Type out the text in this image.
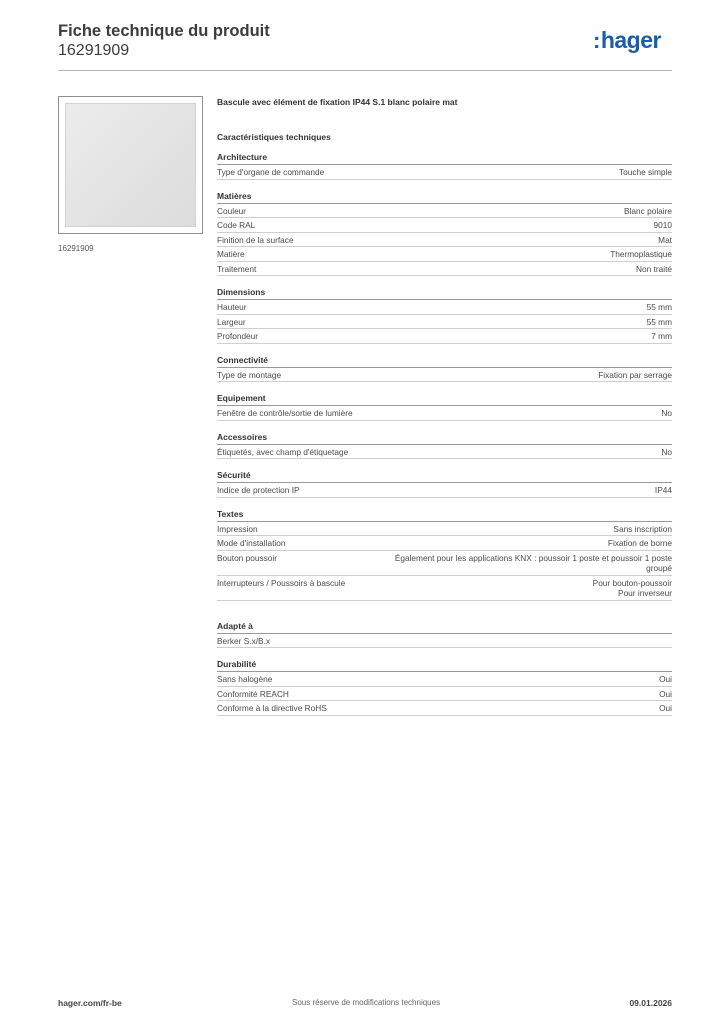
Fiche technique du produit
16291909	:hager
16291909
Bascule avec élément de fixation IP44 S.1 blanc polaire mat
Caractéristiques techniques
Architecture
Type d'organe de commande	Touche simple
Matières
Couleur	Blanc polaire
Code RAL	9010
Finition de la surface	Mat
Matière	Thermoplastique
Traitement	Non traité
Dimensions
Hauteur	55 mm
Largeur	55 mm
Profondeur	7 mm
Connectivité
Type de montage	Fixation par serrage
Equipement
Fenêtre de contrôle/sortie de lumière	No
Accessoires
Étiquetés, avec champ d'étiquetage	No
Sécurité
Indice de protection IP	IP44
Textes
Impression	Sans inscription
Mode d'installation	Fixation de borne
Bouton poussoir	Également pour les applications KNX : poussoir 1 poste et poussoir 1 poste groupé
Interrupteurs / Poussoirs à bascule	Pour bouton-poussoir
Pour inverseur
Adapté à
Berker S.x/B.x
Durabilité
Sans halogène	Oui
Conformité REACH	Oui
Conforme à la directive RoHS	Oui
hager.com/fr-be	Sous réserve de modifications techniques	09.01.2026
